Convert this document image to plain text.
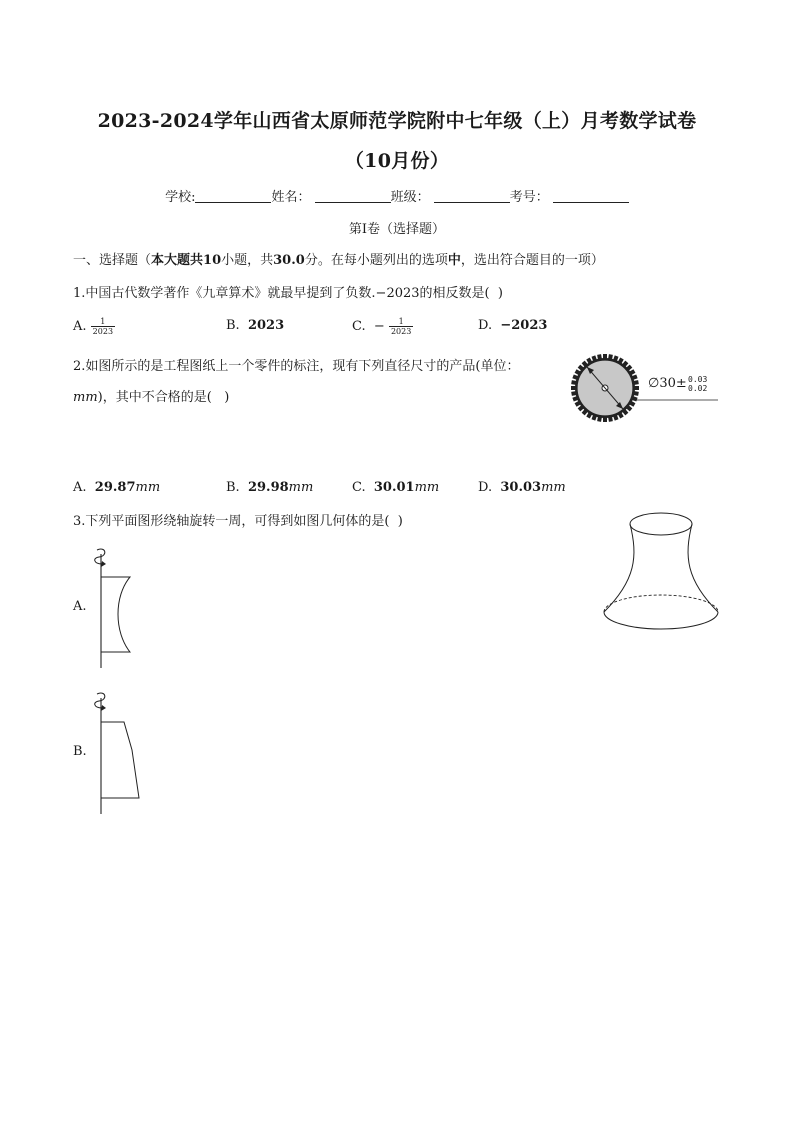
2023-2024学年山西省太原师范学院附中七年级（上）月考数学试卷
（10月份）
学校:	姓名：	班级：	考号：
第I卷（选择题）
一、选择题（本大题共10小题，共30.0分。在每小题列出的选项中，选出符合题目的一项）
1.中国古代数学著作《九章算术》就最早提到了负数.−2023的相反数是(  )
A. $\frac{1}{2023}$	B. 2023	C. − $\frac{1}{2023}$	D. −2023
2.如图所示的是工程图纸上一个零件的标注，现有下列直径尺寸的产品(单位：
mm)，其中不合格的是(   )
∅30± 0.03
0.02
A. 29.87mm	B. 29.98mm	C. 30.01mm	D. 30.03mm
3.下列平面图形绕轴旋转一周，可得到如图几何体的是(  )
A.
B.
